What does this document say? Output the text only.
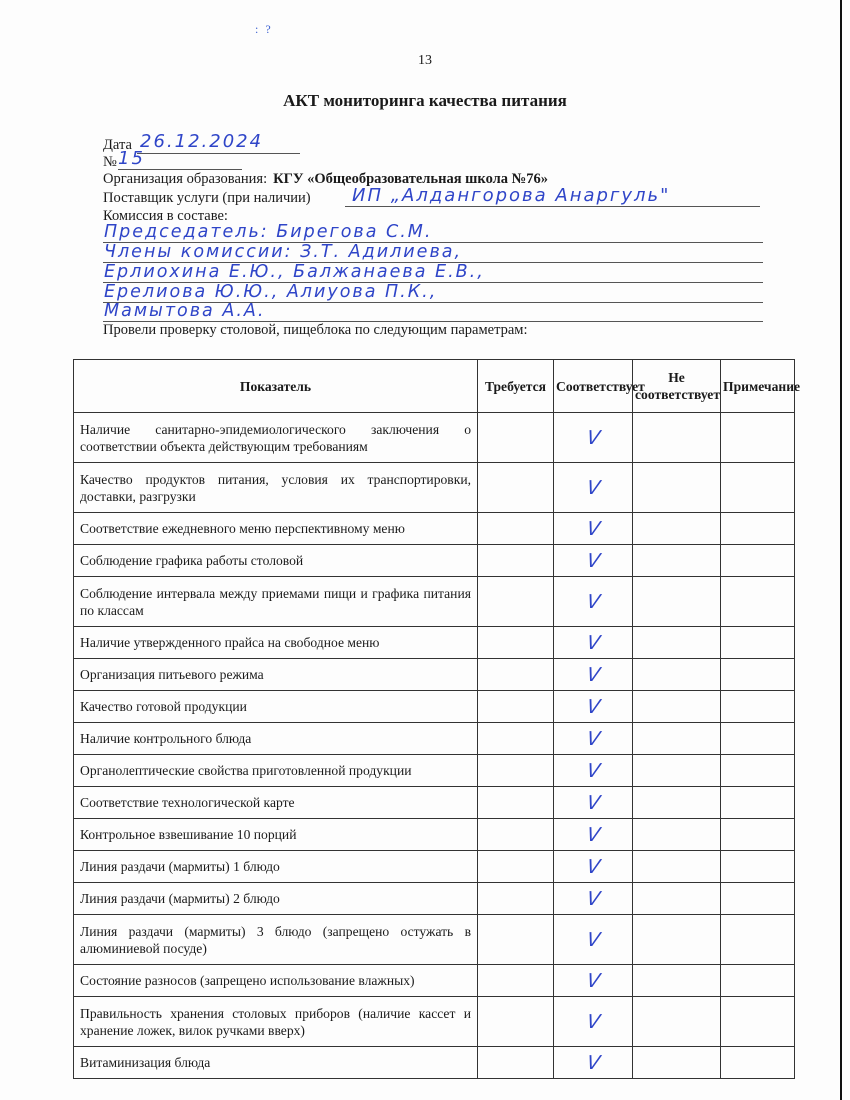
: ?
13
АКТ мониторинга качества питания
Дата 26.12.2024
№ 15
Организация образования: КГУ «Общеобразовательная школа №76»
Поставщик услуги (при наличии) ИП „Алдангорова Анаргуль"
Комиссия в составе:
Председатель: Бирегова С.М.
Члены комиссии: З.Т. Адилиева,
Ерлиохина Е.Ю., Балжанаева Е.В.,
Ерелиова Ю.Ю., Алиуова П.К.,
Мамытова А.А.
Провели проверку столовой, пищеблока по следующим параметрам:
Показатель	Требуется	Соответствует	Не соответствует	Примечание
Наличие санитарно-эпидемиологического заключения о соответствии объекта действующим требованиям		V		
Качество продуктов питания, условия их транспортировки, доставки, разгрузки		V		
Соответствие ежедневного меню перспективному меню		V		
Соблюдение графика работы столовой		V		
Соблюдение интервала между приемами пищи и графика питания по классам		V		
Наличие утвержденного прайса на свободное меню		V		
Организация питьевого режима		V		
Качество готовой продукции		V		
Наличие контрольного блюда		V		
Органолептические свойства приготовленной продукции		V		
Соответствие технологической карте		V		
Контрольное взвешивание 10 порций		V		
Линия раздачи (мармиты) 1 блюдо		V		
Линия раздачи (мармиты) 2 блюдо		V		
Линия раздачи (мармиты) 3 блюдо (запрещено остужать в алюминиевой посуде)		V		
Состояние разносов (запрещено использование влажных)		V		
Правильность хранения столовых приборов (наличие кассет и хранение ложек, вилок ручками вверх)		V		
Витаминизация блюда		V		
